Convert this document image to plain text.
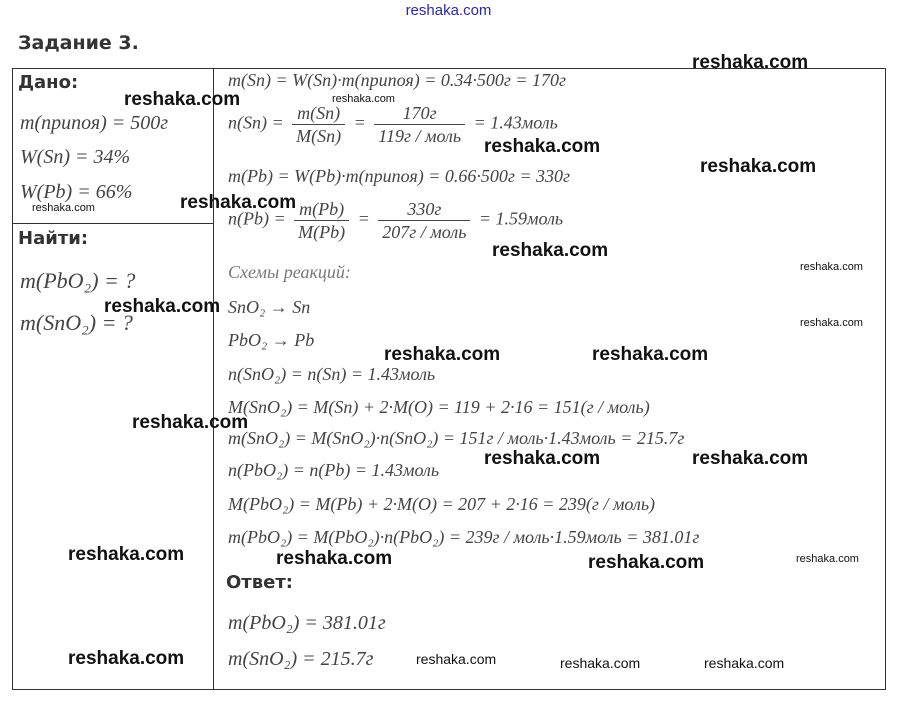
reshaka.com
Задание 3.
Дано:
m(припоя) = 500г
W(Sn) = 34%
W(Pb) = 66%
Найти:
m(PbO₂) = ?
m(SnO₂) = ?
m(Sn) = W(Sn)·m(припоя) = 0.34·500г = 170г
$n(Sn) = \frac{m(Sn)}{M(Sn)} = \frac{170г}{\text{119г / моль}}$ = 1.43моль
m(Pb) = W(Pb)·m(припоя) = 0.66·500г = 330г
$n(Pb) = \frac{m(Pb)}{M(Pb)} = \frac{330г}{\text{207г / моль}}$ = 1.59моль
Схемы реакций:
SnO₂ → Sn
PbO₂ → Pb
n(SnO₂) = n(Sn) = 1.43моль
M(SnO₂) = M(Sn) + 2·M(O) = 119 + 2·16 = 151(г / моль)
m(SnO₂) = M(SnO₂)·n(SnO₂) = 151г / моль·1.43моль = 215.7г
n(PbO₂) = n(Pb) = 1.43моль
M(PbO₂) = M(Pb) + 2·M(O) = 207 + 2·16 = 239(г / моль)
m(PbO₂) = M(PbO₂)·n(PbO₂) = 239г / моль·1.59моль = 381.01г
Ответ:
m(PbO₂) = 381.01г
m(SnO₂) = 215.7г
reshaka.com
reshaka.com	reshaka.com
reshaka.com
reshaka.com
reshaka.com
reshaka.com
reshaka.com
reshaka.com
reshaka.com
reshaka.com
reshaka.com	reshaka.com
reshaka.com
reshaka.com	reshaka.com
reshaka.com	reshaka.com	reshaka.com	reshaka.com
reshaka.com	reshaka.com	reshaka.com	reshaka.com
